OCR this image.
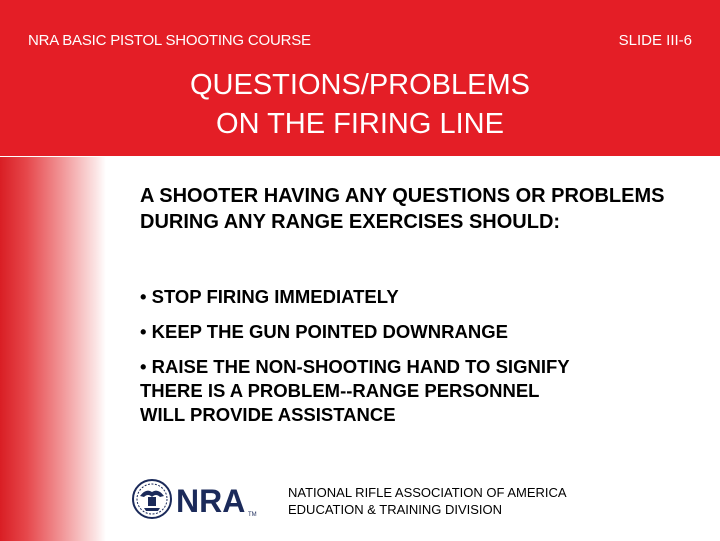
NRA BASIC PISTOL SHOOTING COURSE	SLIDE III-6
QUESTIONS/PROBLEMS
ON THE FIRING LINE

A SHOOTER HAVING ANY QUESTIONS OR PROBLEMS DURING ANY RANGE EXERCISES SHOULD:

• STOP FIRING IMMEDIATELY
• KEEP THE GUN POINTED DOWNRANGE
• RAISE THE NON-SHOOTING HAND TO SIGNIFY
THERE IS A PROBLEM--RANGE PERSONNEL
WILL PROVIDE ASSISTANCE
NRA TM
NATIONAL RIFLE ASSOCIATION OF AMERICA
EDUCATION & TRAINING DIVISION
